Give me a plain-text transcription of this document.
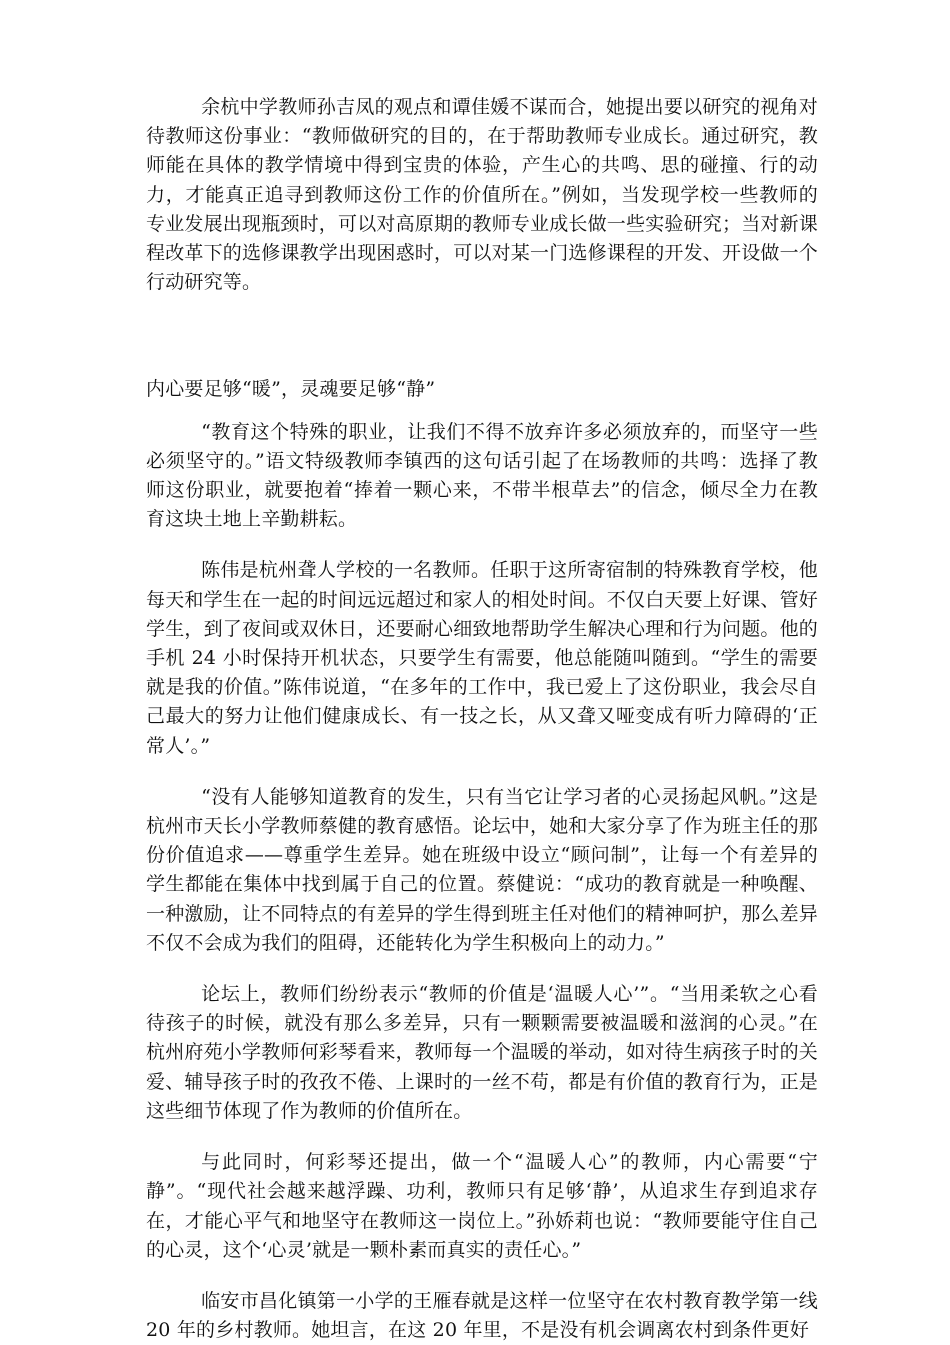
余杭中学教师孙吉凤的观点和谭佳媛不谋而合，她提出要以研究的视角对待教师这份事业：“教师做研究的目的，在于帮助教师专业成长。通过研究，教师能在具体的教学情境中得到宝贵的体验，产生心的共鸣、思的碰撞、行的动力，才能真正追寻到教师这份工作的价值所在。”例如，当发现学校一些教师的专业发展出现瓶颈时，可以对高原期的教师专业成长做一些实验研究；当对新课程改革下的选修课教学出现困惑时，可以对某一门选修课程的开发、开设做一个行动研究等。

内心要足够“暖”，灵魂要足够“静”

“教育这个特殊的职业，让我们不得不放弃许多必须放弃的，而坚守一些必须坚守的。”语文特级教师李镇西的这句话引起了在场教师的共鸣：选择了教师这份职业，就要抱着“捧着一颗心来，不带半根草去”的信念，倾尽全力在教育这块土地上辛勤耕耘。

陈伟是杭州聋人学校的一名教师。任职于这所寄宿制的特殊教育学校，他每天和学生在一起的时间远远超过和家人的相处时间。不仅白天要上好课、管好学生，到了夜间或双休日，还要耐心细致地帮助学生解决心理和行为问题。他的手机 24 小时保持开机状态，只要学生有需要，他总能随叫随到。“学生的需要就是我的价值。”陈伟说道，“在多年的工作中，我已爱上了这份职业，我会尽自己最大的努力让他们健康成长、有一技之长，从又聋又哑变成有听力障碍的‘正常人’。”

“没有人能够知道教育的发生，只有当它让学习者的心灵扬起风帆。”这是杭州市天长小学教师蔡健的教育感悟。论坛中，她和大家分享了作为班主任的那份价值追求——尊重学生差异。她在班级中设立“顾问制”，让每一个有差异的学生都能在集体中找到属于自己的位置。蔡健说：“成功的教育就是一种唤醒、一种激励，让不同特点的有差异的学生得到班主任对他们的精神呵护，那么差异不仅不会成为我们的阻碍，还能转化为学生积极向上的动力。”

论坛上，教师们纷纷表示“教师的价值是‘温暖人心’”。“当用柔软之心看待孩子的时候，就没有那么多差异，只有一颗颗需要被温暖和滋润的心灵。”在杭州府苑小学教师何彩琴看来，教师每一个温暖的举动，如对待生病孩子时的关爱、辅导孩子时的孜孜不倦、上课时的一丝不苟，都是有价值的教育行为，正是这些细节体现了作为教师的价值所在。

与此同时，何彩琴还提出，做一个“温暖人心”的教师，内心需要“宁静”。“现代社会越来越浮躁、功利，教师只有足够‘静’，从追求生存到追求存在，才能心平气和地坚守在教师这一岗位上。”孙娇莉也说：“教师要能守住自己的心灵，这个‘心灵’就是一颗朴素而真实的责任心。”

临安市昌化镇第一小学的王雁春就是这样一位坚守在农村教育教学第一线 20 年的乡村教师。她坦言，在这 20 年里，不是没有机会调离农村到条件更好
